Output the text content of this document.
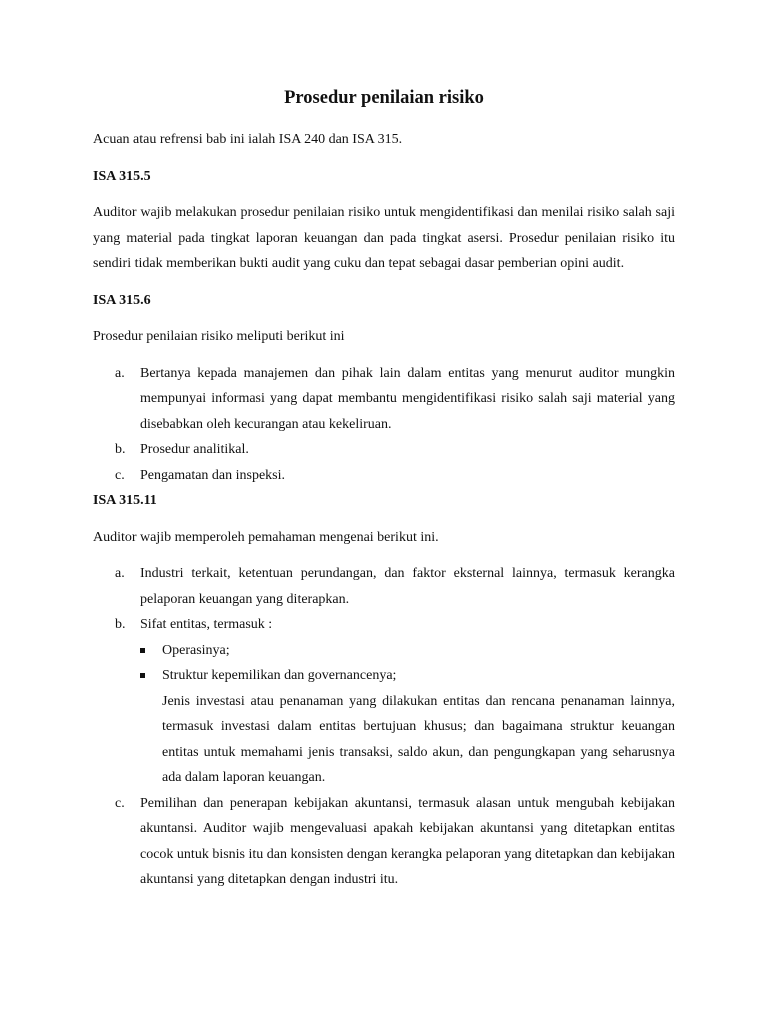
Prosedur penilaian risiko

Acuan atau refrensi bab ini ialah ISA 240 dan ISA 315.

ISA 315.5

Auditor wajib melakukan prosedur penilaian risiko untuk mengidentifikasi dan menilai risiko salah saji yang material pada tingkat laporan keuangan dan pada tingkat asersi. Prosedur penilaian risiko itu sendiri tidak memberikan bukti audit yang cuku dan tepat sebagai dasar pemberian opini audit.

ISA 315.6

Prosedur penilaian risiko meliputi berikut ini

a. Bertanya kepada manajemen dan pihak lain dalam entitas yang menurut auditor mungkin mempunyai informasi yang dapat membantu mengidentifikasi risiko salah saji material yang disebabkan oleh kecurangan atau kekeliruan.
b. Prosedur analitikal.
c. Pengamatan dan inspeksi.

ISA 315.11

Auditor wajib memperoleh pemahaman mengenai berikut ini.

a. Industri terkait, ketentuan perundangan, dan faktor eksternal lainnya, termasuk kerangka pelaporan keuangan yang diterapkan.
b. Sifat entitas, termasuk :
Operasinya;
Struktur kepemilikan dan governancenya;
Jenis investasi atau penanaman yang dilakukan entitas dan rencana penanaman lainnya, termasuk investasi dalam entitas bertujuan khusus; dan bagaimana struktur keuangan entitas untuk memahami jenis transaksi, saldo akun, dan pengungkapan yang seharusnya ada dalam laporan keuangan.
c. Pemilihan dan penerapan kebijakan akuntansi, termasuk alasan untuk mengubah kebijakan akuntansi. Auditor wajib mengevaluasi apakah kebijakan akuntansi yang ditetapkan entitas cocok untuk bisnis itu dan konsisten dengan kerangka pelaporan yang ditetapkan dan kebijakan akuntansi yang ditetapkan dengan industri itu.
